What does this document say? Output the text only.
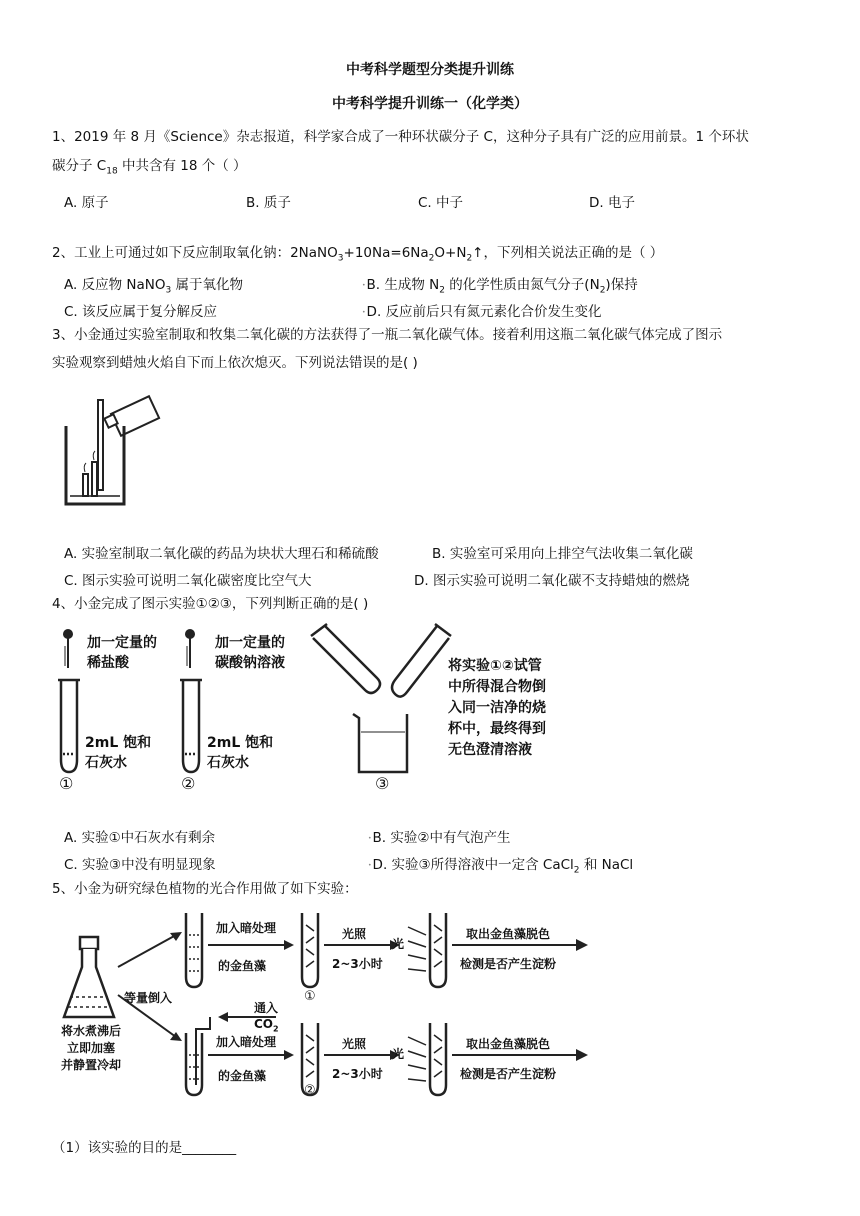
中考科学题型分类提升训练
中考科学提升训练一（化学类）
1、2019 年 8 月《Science》杂志报道，科学家合成了一种环状碳分子 C，这种分子具有广泛的应用前景。1 个环状
碳分子 $C_{18}$ 中共含有 18 个（ ）
A. 原子	B. 质子	C. 中子	D. 电子
2、工业上可通过如下反应制取氧化钠：$2NaNO_3+10Na=6Na_2O+N_2↑$，下列相关说法正确的是（ ）
A. 反应物 NaNO$_3$ 属于氧化物	•B. 生成物 $N_2$ 的化学性质由氮气分子$(N_2)$保持
C. 该反应属于复分解反应	•D. 反应前后只有氮元素化合价发生变化
3、小金通过实验室制取和牧集二氧化碳的方法获得了一瓶二氧化碳气体。接着利用这瓶二氧化碳气体完成了图示
实验观察到蜡烛火焰自下而上依次熄灭。下列说法错误的是( )
A. 实验室制取二氧化碳的药品为块状大理石和稀硫酸	B. 实验室可采用向上排空气法收集二氧化碳
C. 图示实验可说明二氧化碳密度比空气大	D. 图示实验可说明二氧化碳不支持蜡烛的燃烧
4、小金完成了图示实验①②③，下列判断正确的是( )
加一定量的
稀盐酸
加一定量的
碳酸钠溶液
2mL 饱和
石灰水
2mL 饱和
石灰水
①	②	③
将实验①②试管
中所得混合物倒
入同一洁净的烧
杯中，最终得到
无色澄清溶液
A. 实验①中石灰水有剩余	•B. 实验②中有气泡产生
C. 实验③中没有明显现象	•D. 实验③所得溶液中一定含 CaCl$_2$ 和 NaCl
5、小金为研究绿色植物的光合作用做了如下实验：
将水煮沸后
立即加塞
并静置冷却
等量倒入
加入暗处理
的金鱼藻
①
光照
2~3小时
光
取出金鱼藻脱色
检测是否产生淀粉
通入
$CO_2$
加入暗处理
的金鱼藻
②
光照
2~3小时
光
取出金鱼藻脱色
检测是否产生淀粉
（1）该实验的目的是________
